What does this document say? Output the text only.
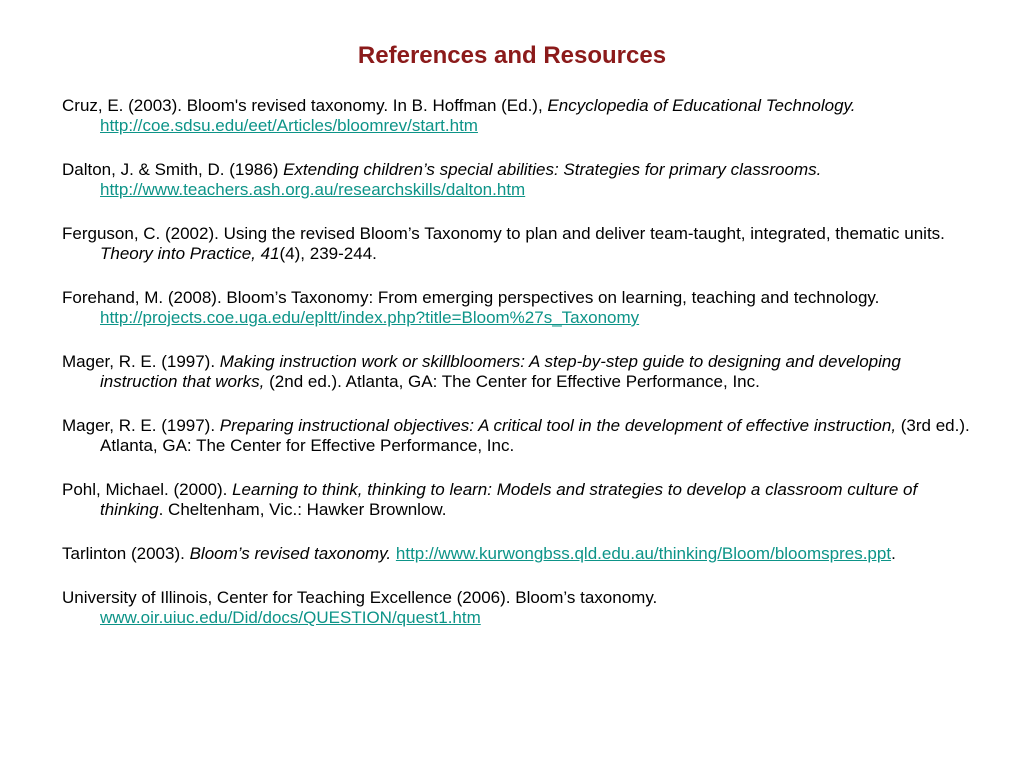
References and Resources

Cruz, E. (2003). Bloom's revised taxonomy. In B. Hoffman (Ed.), Encyclopedia of Educational Technology. http://coe.sdsu.edu/eet/Articles/bloomrev/start.htm

Dalton, J. & Smith, D. (1986) Extending children’s special abilities: Strategies for primary classrooms. http://www.teachers.ash.org.au/researchskills/dalton.htm

Ferguson, C. (2002). Using the revised Bloom’s Taxonomy to plan and deliver team-taught, integrated, thematic units. Theory into Practice, 41(4), 239-244.

Forehand, M. (2008). Bloom’s Taxonomy: From emerging perspectives on learning, teaching and technology. http://projects.coe.uga.edu/epltt/index.php?title=Bloom%27s_Taxonomy

Mager, R. E. (1997). Making instruction work or skillbloomers: A step-by-step guide to designing and developing instruction that works, (2nd ed.). Atlanta, GA: The Center for Effective Performance, Inc.

Mager, R. E. (1997). Preparing instructional objectives: A critical tool in the development of effective instruction, (3rd ed.). Atlanta, GA: The Center for Effective Performance, Inc.

Pohl, Michael. (2000). Learning to think, thinking to learn: Models and strategies to develop a classroom culture of thinking. Cheltenham, Vic.: Hawker Brownlow.

Tarlinton (2003). Bloom’s revised taxonomy. http://www.kurwongbss.qld.edu.au/thinking/Bloom/bloomspres.ppt.

University of Illinois, Center for Teaching Excellence (2006). Bloom’s taxonomy. www.oir.uiuc.edu/Did/docs/QUESTION/quest1.htm
